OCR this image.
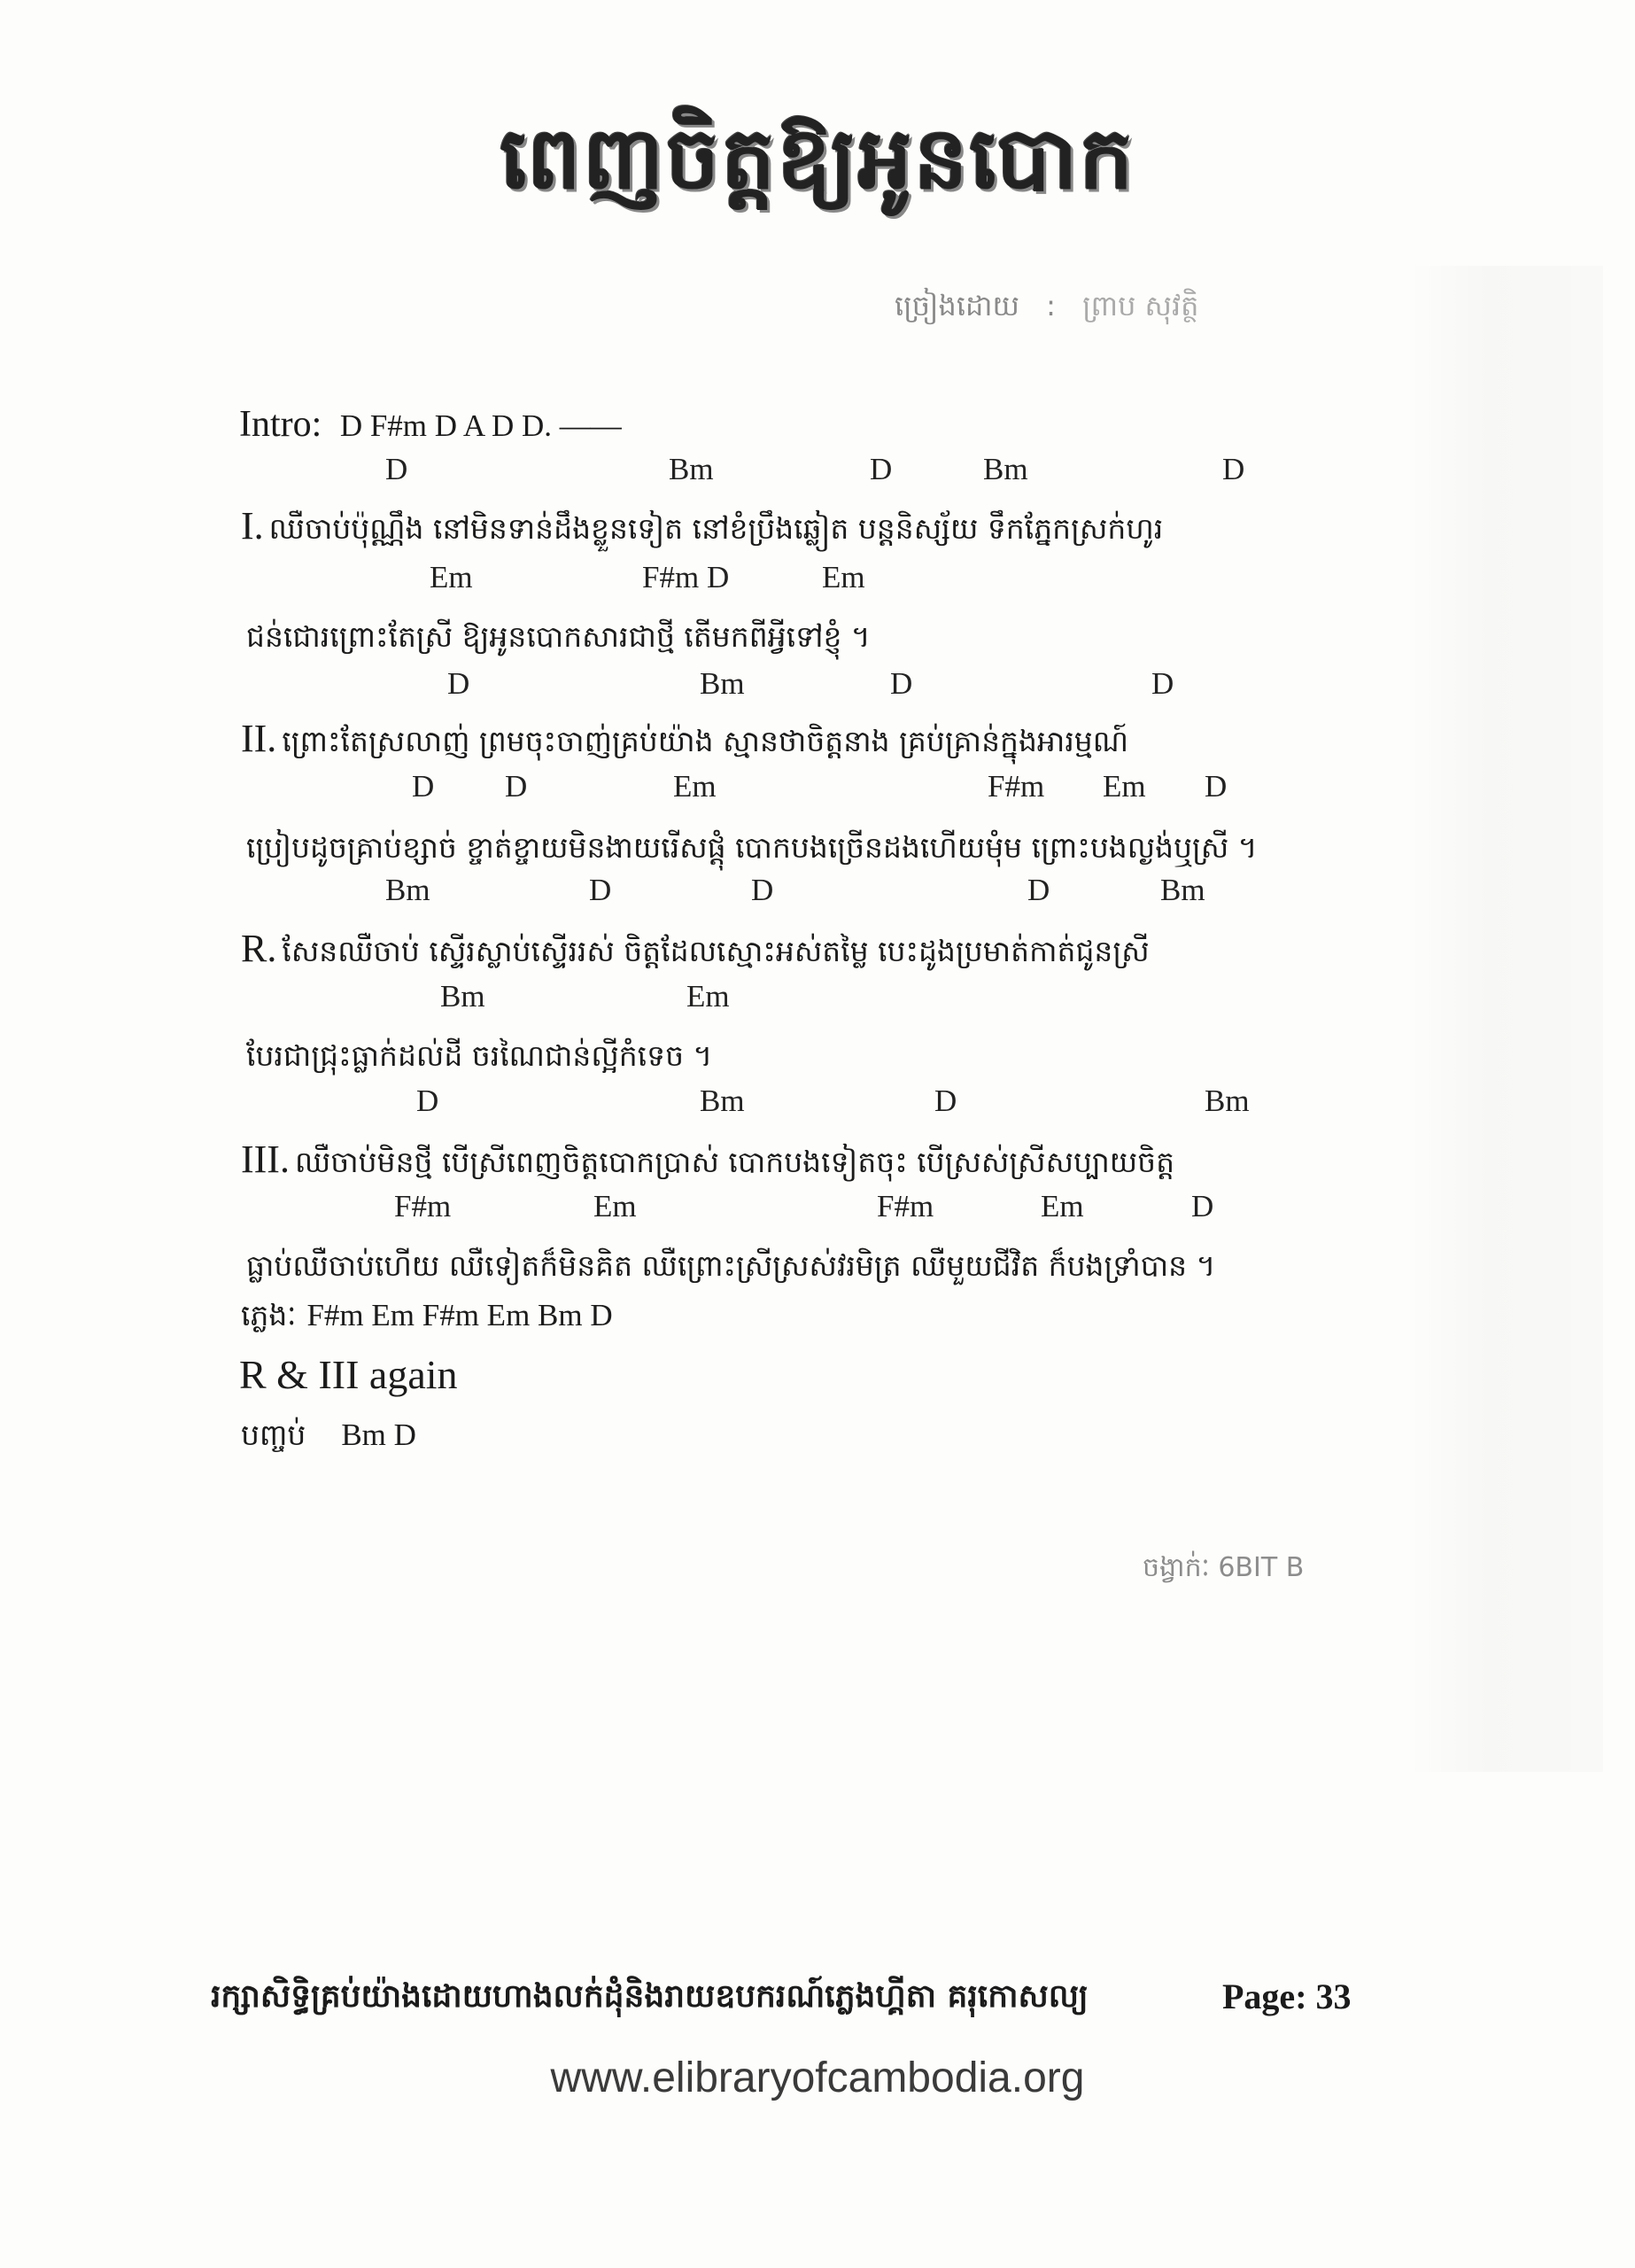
ពេញចិត្តឱ្យអូនបោក
ច្រៀងដោយ : ព្រាប សុវត្ថិ
Intro: D F#m D A D D. ——
D	Bm	D	Bm	D
I. ឈឺចាប់ប៉ុណ្ណឹង នៅមិនទាន់ដឹងខ្លួនទៀត នៅខំប្រឹងឆ្លៀត បន្តនិស្ស័យ ទឹកភ្នែកស្រក់ហូរ
Em	F#m D	Em
ជន់ជោរព្រោះតែស្រី ឱ្យអូនបោកសារជាថ្មី តើមកពីអ្វីទៅខ្ញុំ ។
D	Bm	D	D
II. ព្រោះតែស្រលាញ់ ព្រមចុះចាញ់គ្រប់យ៉ាង ស្មានថាចិត្តនាង គ្រប់គ្រាន់ក្នុងអារម្មណ៍
D D	Em	F#m Em D
ប្រៀបដូចគ្រាប់ខ្សាច់ ខ្ចាត់ខ្ចាយមិនងាយរើសផ្តុំ បោកបងច្រើនដងហើយមុំម ព្រោះបងល្ងង់ឬស្រី ។
Bm	D	D	D	Bm
R. សែនឈឺចាប់ ស្ទើរស្លាប់ស្ទើររស់ ចិត្តដែលស្មោះអស់តម្លៃ បេះដូងប្រមាត់កាត់ជូនស្រី
Bm	Em
បែរជាជ្រុះធ្លាក់ដល់ដី ចរណៃជាន់ល្អីកំទេច ។
D	Bm	D	Bm
III. ឈឺចាប់មិនថ្មី បើស្រីពេញចិត្តបោកប្រាស់ បោកបងទៀតចុះ បើស្រស់ស្រីសប្បាយចិត្ត
F#m	Em	F#m	Em	D
ធ្លាប់ឈឺចាប់ហើយ ឈឺទៀតក៏មិនគិត ឈឺព្រោះស្រីស្រស់វរមិត្រ ឈឺមួយជីវិត ក៏បងទ្រាំបាន ។
ភ្លេងៈ F#m Em F#m Em Bm D
R & III again
បញ្ចប់ Bm D
ចង្វាក់ៈ 6BIT B
រក្សាសិទ្ធិគ្រប់យ៉ាងដោយហាងលក់ដុំនិងរាយឧបករណ៍ភ្លេងហ្គីតា គរុកោសល្យ	Page: 33
www.elibraryofcambodia.org
